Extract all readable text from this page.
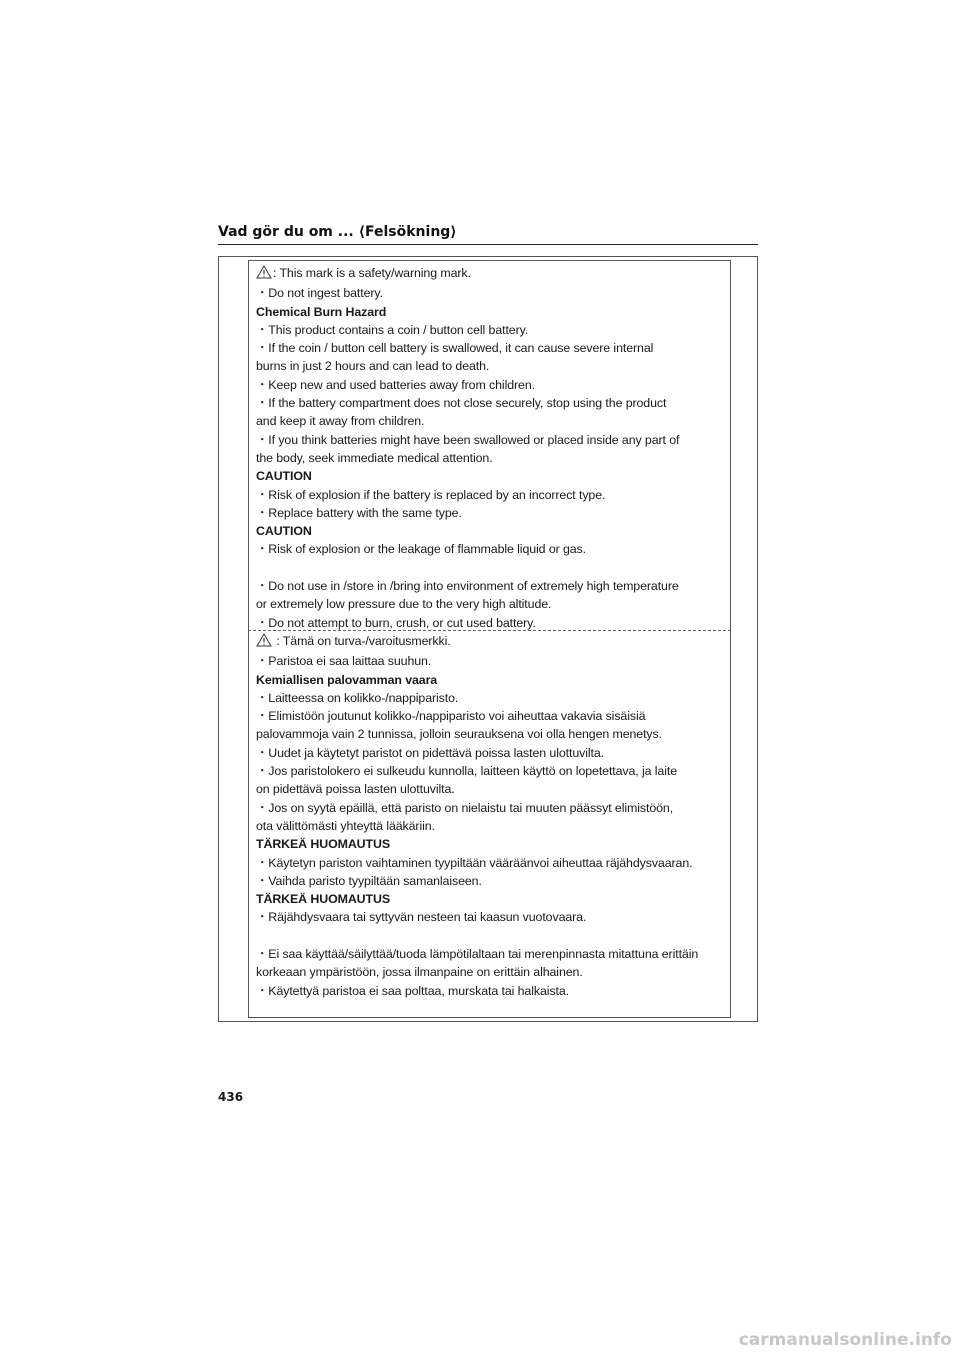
Vad gör du om ... ⟨Felsökning⟩
: This mark is a safety/warning mark.
・Do not ingest battery.
Chemical Burn Hazard
・This product contains a coin / button cell battery.
・If the coin / button cell battery is swallowed, it can cause severe internal
burns in just 2 hours and can lead to death.
・Keep new and used batteries away from children.
・If the battery compartment does not close securely, stop using the product
and keep it away from children.
・If you think batteries might have been swallowed or placed inside any part of
the body, seek immediate medical attention.
CAUTION
・Risk of explosion if the battery is replaced by an incorrect type.
・Replace battery with the same type.
CAUTION
・Risk of explosion or the leakage of flammable liquid or gas.
・Do not use in /store in /bring into environment of extremely high temperature
or extremely low pressure due to the very high altitude.
・Do not attempt to burn, crush, or cut used battery.
: Tämä on turva-/varoitusmerkki.
・Paristoa ei saa laittaa suuhun.
Kemiallisen palovamman vaara
・Laitteessa on kolikko-/nappiparisto.
・Elimistöön joutunut kolikko-/nappiparisto voi aiheuttaa vakavia sisäisiä
palovammoja vain 2 tunnissa, jolloin seurauksena voi olla hengen menetys.
・Uudet ja käytetyt paristot on pidettävä poissa lasten ulottuvilta.
・Jos paristolokero ei sulkeudu kunnolla, laitteen käyttö on lopetettava, ja laite
on pidettävä poissa lasten ulottuvilta.
・Jos on syytä epäillä, että paristo on nielaistu tai muuten päässyt elimistöön,
ota välittömästi yhteyttä lääkäriin.
TÄRKEÄ HUOMAUTUS
・Käytetyn pariston vaihtaminen tyypiltään vääräänvoi aiheuttaa räjähdysvaaran.
・Vaihda paristo tyypiltään samanlaiseen.
TÄRKEÄ HUOMAUTUS
・Räjähdysvaara tai syttyvän nesteen tai kaasun vuotovaara.
・Ei saa käyttää/säilyttää/tuoda lämpötilaltaan tai merenpinnasta mitattuna erittäin
korkeaan ympäristöön, jossa ilmanpaine on erittäin alhainen.
・Käytettyä paristoa ei saa polttaa, murskata tai halkaista.
436
carmanualsonline.info
